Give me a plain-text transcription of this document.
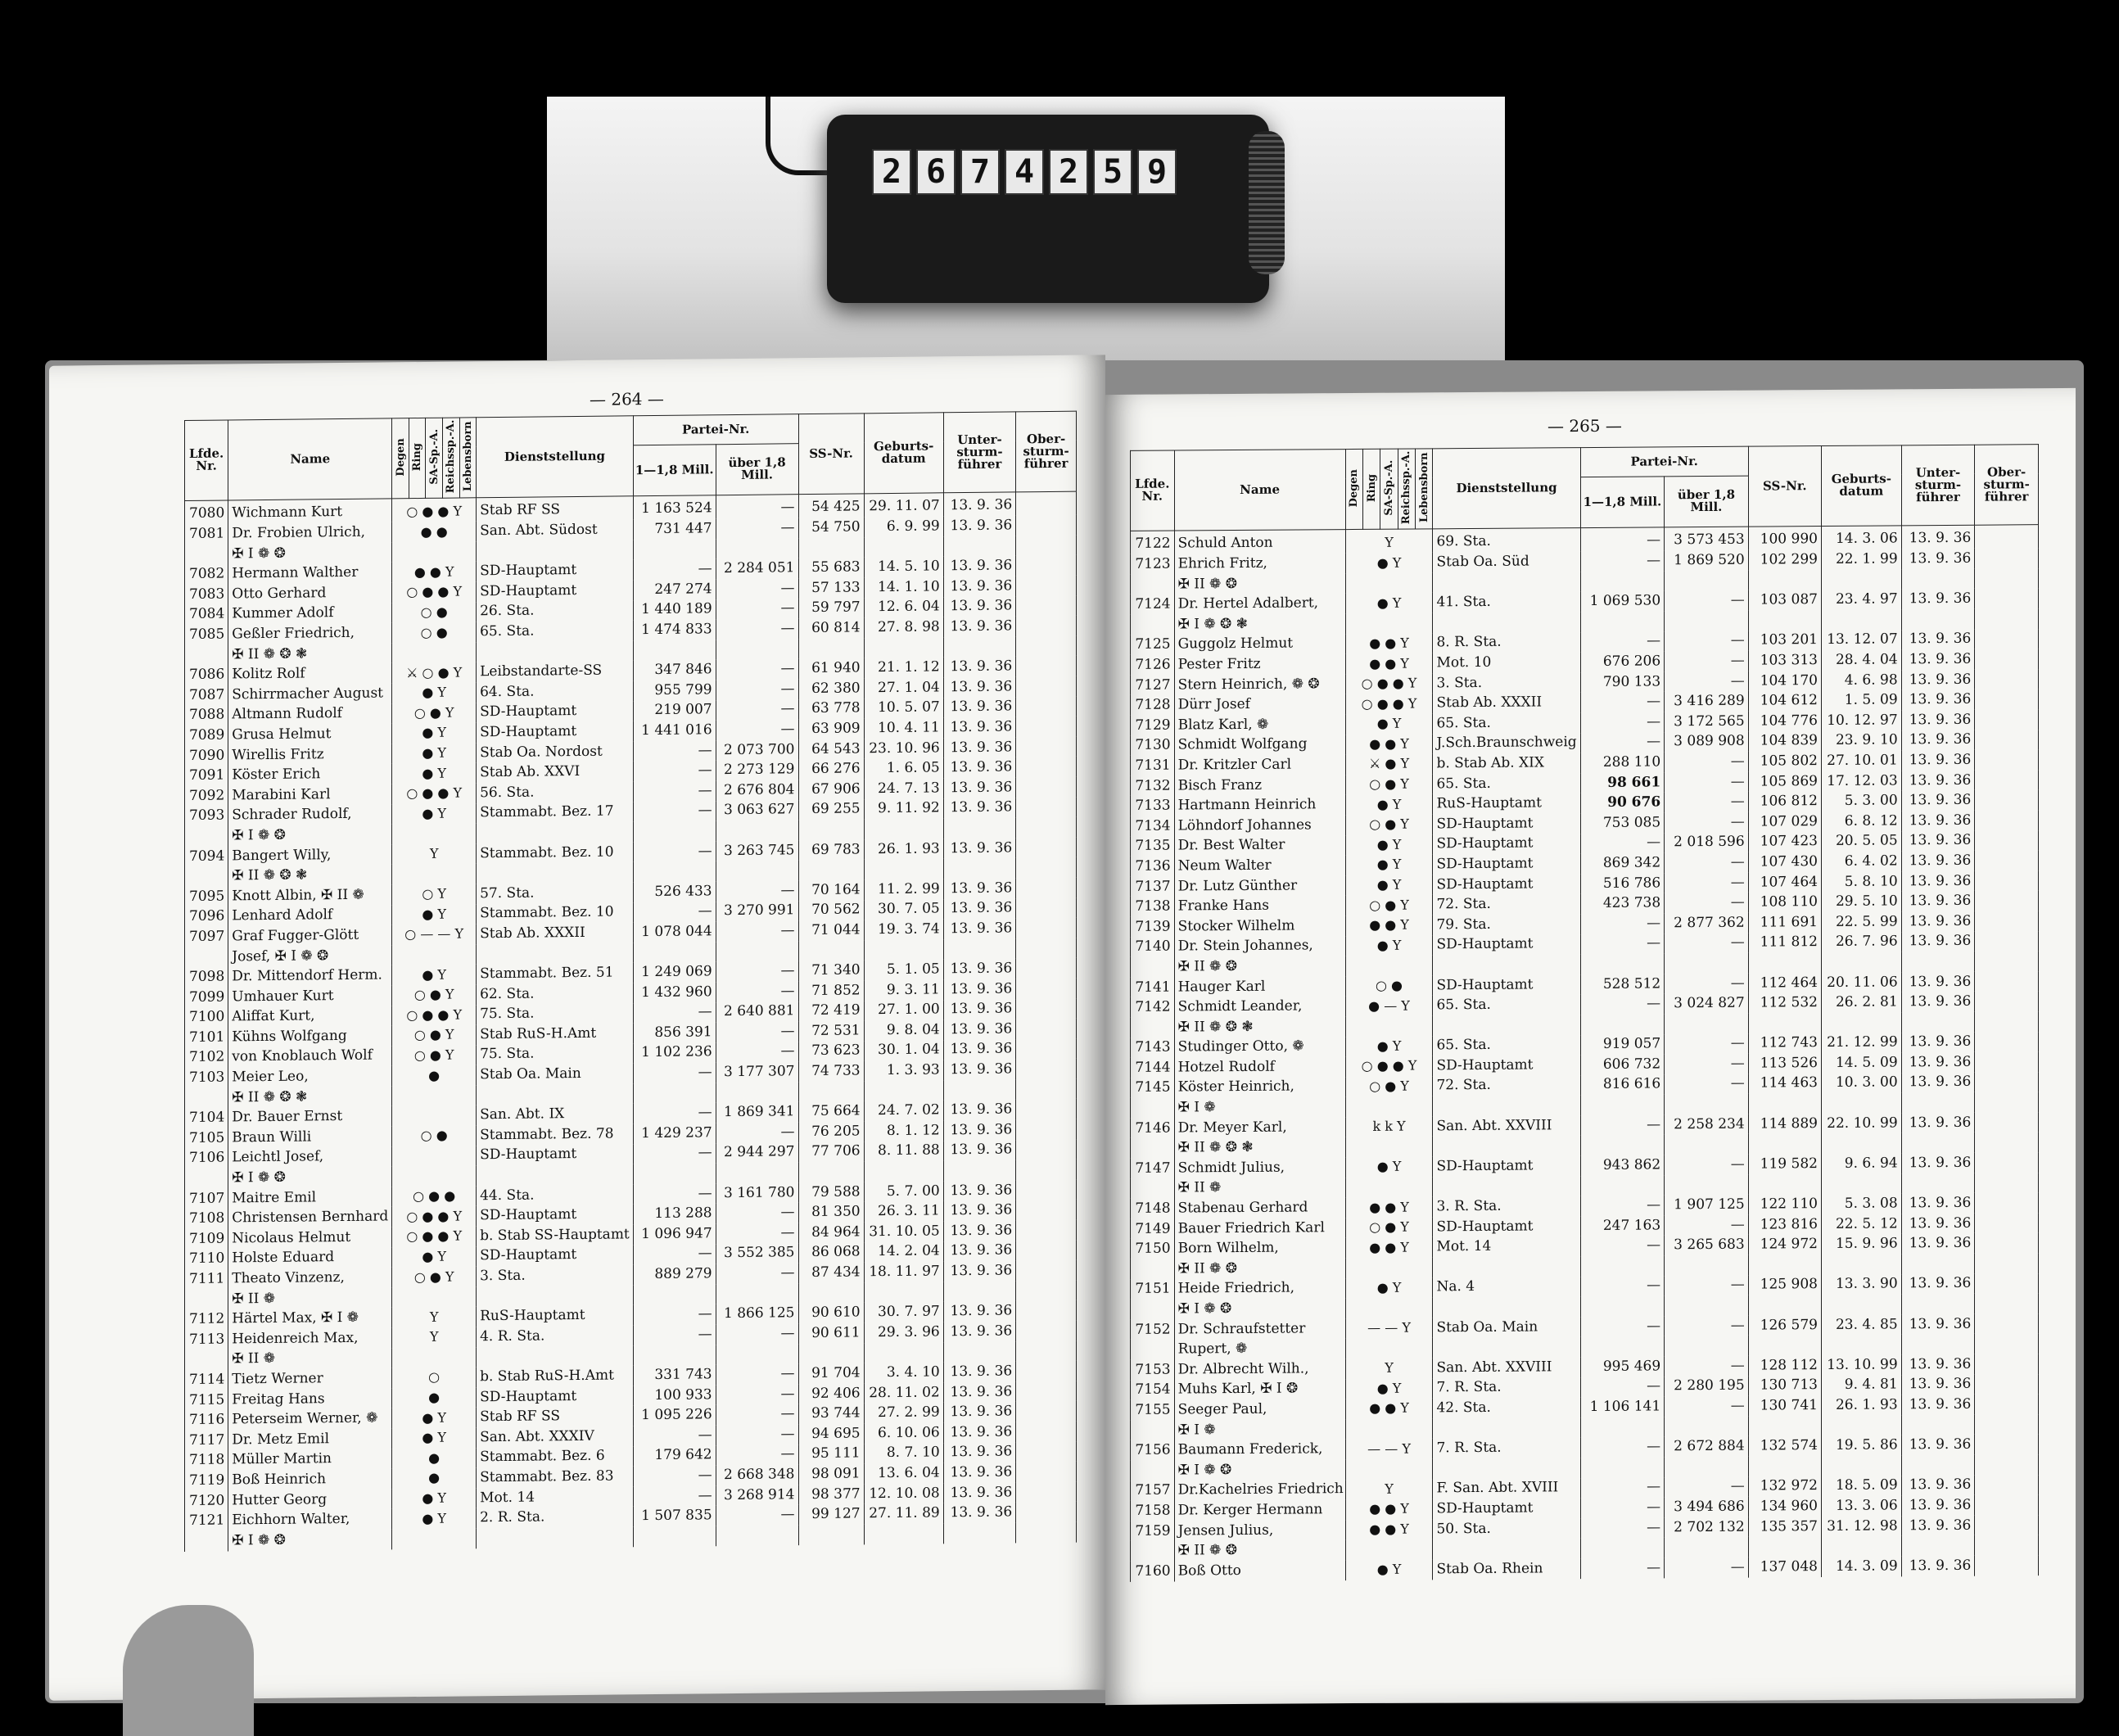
2 6 7 4 2 5 9
— 264 —
Lfde. Nr.	Name	Degen	Ring	SA-Sp.-A.	Reichssp.-A.	Lebensborn	Dienststellung	Partei-Nr.		SS-Nr.	Geburts-datum	Unter-sturm-führer	Ober-sturm-führer
								1—1,8 Mill.	über 1,8 Mill.				
7080	Wichmann Kurt	○ ● ● Y					Stab RF SS	1 163 524	—	54 425	29. 11. 07	13. 9. 36	
7081	Dr. Frobien Ulrich,	● ●					San. Abt. Südost	731 447	—	54 750	6. 9. 99	13. 9. 36	
	✠ I ❁ ❂												
7082	Hermann Walther	● ● Y					SD-Hauptamt	—	2 284 051	55 683	14. 5. 10	13. 9. 36	
7083	Otto Gerhard	○ ● ● Y					SD-Hauptamt	247 274	—	57 133	14. 1. 10	13. 9. 36	
7084	Kummer Adolf	○ ●					26. Sta.	1 440 189	—	59 797	12. 6. 04	13. 9. 36	
7085	Geßler Friedrich,	○ ●					65. Sta.	1 474 833	—	60 814	27. 8. 98	13. 9. 36	
	✠ II ❁ ❂ ❃												
7086	Kolitz Rolf	⚔ ○ ● Y					Leibstandarte-SS	347 846	—	61 940	21. 1. 12	13. 9. 36	
7087	Schirrmacher August	● Y					64. Sta.	955 799	—	62 380	27. 1. 04	13. 9. 36	
7088	Altmann Rudolf	○ ● Y					SD-Hauptamt	219 007	—	63 778	10. 5. 07	13. 9. 36	
7089	Grusa Helmut	● Y					SD-Hauptamt	1 441 016	—	63 909	10. 4. 11	13. 9. 36	
7090	Wirellis Fritz	● Y					Stab Oa. Nordost	—	2 073 700	64 543	23. 10. 96	13. 9. 36	
7091	Köster Erich	● Y					Stab Ab. XXVI	—	2 273 129	66 276	1. 6. 05	13. 9. 36	
7092	Marabini Karl	○ ● ● Y					56. Sta.	—	2 676 804	67 906	24. 7. 13	13. 9. 36	
7093	Schrader Rudolf,	● Y					Stammabt. Bez. 17	—	3 063 627	69 255	9. 11. 92	13. 9. 36	
	✠ I ❁ ❂												
7094	Bangert Willy,	Y					Stammabt. Bez. 10	—	3 263 745	69 783	26. 1. 93	13. 9. 36	
	✠ II ❁ ❂ ❃												
7095	Knott Albin, ✠ II ❁	○ Y					57. Sta.	526 433	—	70 164	11. 2. 99	13. 9. 36	
7096	Lenhard Adolf	● Y					Stammabt. Bez. 10	—	3 270 991	70 562	30. 7. 05	13. 9. 36	
7097	Graf Fugger-Glött	○ — — Y					Stab Ab. XXXII	1 078 044	—	71 044	19. 3. 74	13. 9. 36	
	Josef, ✠ I ❁ ❂												
7098	Dr. Mittendorf Herm.	● Y					Stammabt. Bez. 51	1 249 069	—	71 340	5. 1. 05	13. 9. 36	
7099	Umhauer Kurt	○ ● Y					62. Sta.	1 432 960	—	71 852	9. 3. 11	13. 9. 36	
7100	Aliffat Kurt,	○ ● ● Y					75. Sta.	—	2 640 881	72 419	27. 1. 00	13. 9. 36	
7101	Kühns Wolfgang	○ ● Y					Stab RuS-H.Amt	856 391	—	72 531	9. 8. 04	13. 9. 36	
7102	von Knoblauch Wolf	○ ● Y					75. Sta.	1 102 236	—	73 623	30. 1. 04	13. 9. 36	
7103	Meier Leo,	●					Stab Oa. Main	—	3 177 307	74 733	1. 3. 93	13. 9. 36	
	✠ II ❁ ❂ ❃												
7104	Dr. Bauer Ernst						San. Abt. IX	—	1 869 341	75 664	24. 7. 02	13. 9. 36	
7105	Braun Willi	○ ●					Stammabt. Bez. 78	1 429 237	—	76 205	8. 1. 12	13. 9. 36	
7106	Leichtl Josef,						SD-Hauptamt	—	2 944 297	77 706	8. 11. 88	13. 9. 36	
	✠ I ❁ ❂												
7107	Maitre Emil	○ ● ●					44. Sta.	—	3 161 780	79 588	5. 7. 00	13. 9. 36	
7108	Christensen Bernhard	○ ● ● Y					SD-Hauptamt	113 288	—	81 350	26. 3. 11	13. 9. 36	
7109	Nicolaus Helmut	○ ● ● Y					b. Stab SS-Hauptamt	1 096 947	—	84 964	31. 10. 05	13. 9. 36	
7110	Holste Eduard	● Y					SD-Hauptamt	—	3 552 385	86 068	14. 2. 04	13. 9. 36	
7111	Theato Vinzenz,	○ ● Y					3. Sta.	889 279	—	87 434	18. 11. 97	13. 9. 36	
	✠ II ❁												
7112	Härtel Max, ✠ I ❁	Y					RuS-Hauptamt	—	1 866 125	90 610	30. 7. 97	13. 9. 36	
7113	Heidenreich Max,	Y					4. R. Sta.	—	—	90 611	29. 3. 96	13. 9. 36	
	✠ II ❁												
7114	Tietz Werner	○					b. Stab RuS-H.Amt	331 743	—	91 704	3. 4. 10	13. 9. 36	
7115	Freitag Hans	●					SD-Hauptamt	100 933	—	92 406	28. 11. 02	13. 9. 36	
7116	Peterseim Werner, ❁	● Y					Stab RF SS	1 095 226	—	93 744	27. 2. 99	13. 9. 36	
7117	Dr. Metz Emil	● Y					San. Abt. XXXIV	—	—	94 695	6. 10. 06	13. 9. 36	
7118	Müller Martin	●					Stammabt. Bez. 6	179 642	—	95 111	8. 7. 10	13. 9. 36	
7119	Boß Heinrich	●					Stammabt. Bez. 83	—	2 668 348	98 091	13. 6. 04	13. 9. 36	
7120	Hutter Georg	● Y					Mot. 14	—	3 268 914	98 377	12. 10. 08	13. 9. 36	
7121	Eichhorn Walter,	● Y					2. R. Sta.	1 507 835	—	99 127	27. 11. 89	13. 9. 36	
	✠ I ❁ ❂												
— 265 —
Lfde. Nr.	Name	Degen	Ring	SA-Sp.-A.	Reichssp.-A.	Lebensborn	Dienststellung	Partei-Nr.		SS-Nr.	Geburts-datum	Unter-sturm-führer	Ober-sturm-führer
								1—1,8 Mill.	über 1,8 Mill.				
7122	Schuld Anton	Y					69. Sta.	—	3 573 453	100 990	14. 3. 06	13. 9. 36	
7123	Ehrich Fritz,	● Y					Stab Oa. Süd	—	1 869 520	102 299	22. 1. 99	13. 9. 36	
	✠ II ❁ ❂												
7124	Dr. Hertel Adalbert,	● Y					41. Sta.	1 069 530	—	103 087	23. 4. 97	13. 9. 36	
	✠ I ❁ ❂ ❃												
7125	Guggolz Helmut	● ● Y					8. R. Sta.	—	—	103 201	13. 12. 07	13. 9. 36	
7126	Pester Fritz	● ● Y					Mot. 10	676 206	—	103 313	28. 4. 04	13. 9. 36	
7127	Stern Heinrich, ❁ ❂	○ ● ● Y					3. Sta.	790 133	—	104 170	4. 6. 98	13. 9. 36	
7128	Dürr Josef	○ ● ● Y					Stab Ab. XXXII	—	3 416 289	104 612	1. 5. 09	13. 9. 36	
7129	Blatz Karl, ❁	● Y					65. Sta.	—	3 172 565	104 776	10. 12. 97	13. 9. 36	
7130	Schmidt Wolfgang	● ● Y					J.Sch.Braunschweig	—	3 089 908	104 839	23. 9. 10	13. 9. 36	
7131	Dr. Kritzler Carl	⚔ ● Y					b. Stab Ab. XIX	288 110	—	105 802	27. 10. 01	13. 9. 36	
7132	Bisch Franz	○ ● Y					65. Sta.	98 661	—	105 869	17. 12. 03	13. 9. 36	
7133	Hartmann Heinrich	● Y					RuS-Hauptamt	90 676	—	106 812	5. 3. 00	13. 9. 36	
7134	Löhndorf Johannes	○ ● Y					SD-Hauptamt	753 085	—	107 029	6. 8. 12	13. 9. 36	
7135	Dr. Best Walter	● Y					SD-Hauptamt	—	2 018 596	107 423	20. 5. 05	13. 9. 36	
7136	Neum Walter	● Y					SD-Hauptamt	869 342	—	107 430	6. 4. 02	13. 9. 36	
7137	Dr. Lutz Günther	● Y					SD-Hauptamt	516 786	—	107 464	5. 8. 10	13. 9. 36	
7138	Franke Hans	○ ● Y					72. Sta.	423 738	—	108 110	29. 5. 10	13. 9. 36	
7139	Stocker Wilhelm	● ● Y					79. Sta.	—	2 877 362	111 691	22. 5. 99	13. 9. 36	
7140	Dr. Stein Johannes,	● Y					SD-Hauptamt	—	—	111 812	26. 7. 96	13. 9. 36	
	✠ II ❁ ❂												
7141	Hauger Karl	○ ●					SD-Hauptamt	528 512	—	112 464	20. 11. 06	13. 9. 36	
7142	Schmidt Leander,	● — Y					65. Sta.	—	3 024 827	112 532	26. 2. 81	13. 9. 36	
	✠ II ❁ ❂ ❃												
7143	Studinger Otto, ❁	● Y					65. Sta.	919 057	—	112 743	21. 12. 99	13. 9. 36	
7144	Hotzel Rudolf	○ ● ● Y					SD-Hauptamt	606 732	—	113 526	14. 5. 09	13. 9. 36	
7145	Köster Heinrich,	○ ● Y					72. Sta.	816 616	—	114 463	10. 3. 00	13. 9. 36	
	✠ I ❁												
7146	Dr. Meyer Karl,	k k Y					San. Abt. XXVIII	—	2 258 234	114 889	22. 10. 99	13. 9. 36	
	✠ II ❁ ❂ ❃												
7147	Schmidt Julius,	● Y					SD-Hauptamt	943 862	—	119 582	9. 6. 94	13. 9. 36	
	✠ II ❁												
7148	Stabenau Gerhard	● ● Y					3. R. Sta.	—	1 907 125	122 110	5. 3. 08	13. 9. 36	
7149	Bauer Friedrich Karl	○ ● Y					SD-Hauptamt	247 163	—	123 816	22. 5. 12	13. 9. 36	
7150	Born Wilhelm,	● ● Y					Mot. 14	—	3 265 683	124 972	15. 9. 96	13. 9. 36	
	✠ II ❁ ❂												
7151	Heide Friedrich,	● Y					Na. 4	—	—	125 908	13. 3. 90	13. 9. 36	
	✠ I ❁ ❂												
7152	Dr. Schraufstetter	— — Y					Stab Oa. Main	—	—	126 579	23. 4. 85	13. 9. 36	
	Rupert, ❁												
7153	Dr. Albrecht Wilh.,	Y					San. Abt. XXVIII	995 469	—	128 112	13. 10. 99	13. 9. 36	
7154	Muhs Karl, ✠ I ❂	● Y					7. R. Sta.	—	2 280 195	130 713	9. 4. 81	13. 9. 36	
7155	Seeger Paul,	● ● Y					42. Sta.	1 106 141	—	130 741	26. 1. 93	13. 9. 36	
	✠ I ❁												
7156	Baumann Frederick,	— — Y					7. R. Sta.	—	2 672 884	132 574	19. 5. 86	13. 9. 36	
	✠ I ❁ ❂												
7157	Dr.Kachelries Friedrich	Y					F. San. Abt. XVIII	—	—	132 972	18. 5. 09	13. 9. 36	
7158	Dr. Kerger Hermann	● ● Y					SD-Hauptamt	—	3 494 686	134 960	13. 3. 06	13. 9. 36	
7159	Jensen Julius,	● ● Y					50. Sta.	—	2 702 132	135 357	31. 12. 98	13. 9. 36	
	✠ II ❁ ❂												
7160	Boß Otto	● Y					Stab Oa. Rhein	—	—	137 048	14. 3. 09	13. 9. 36	
